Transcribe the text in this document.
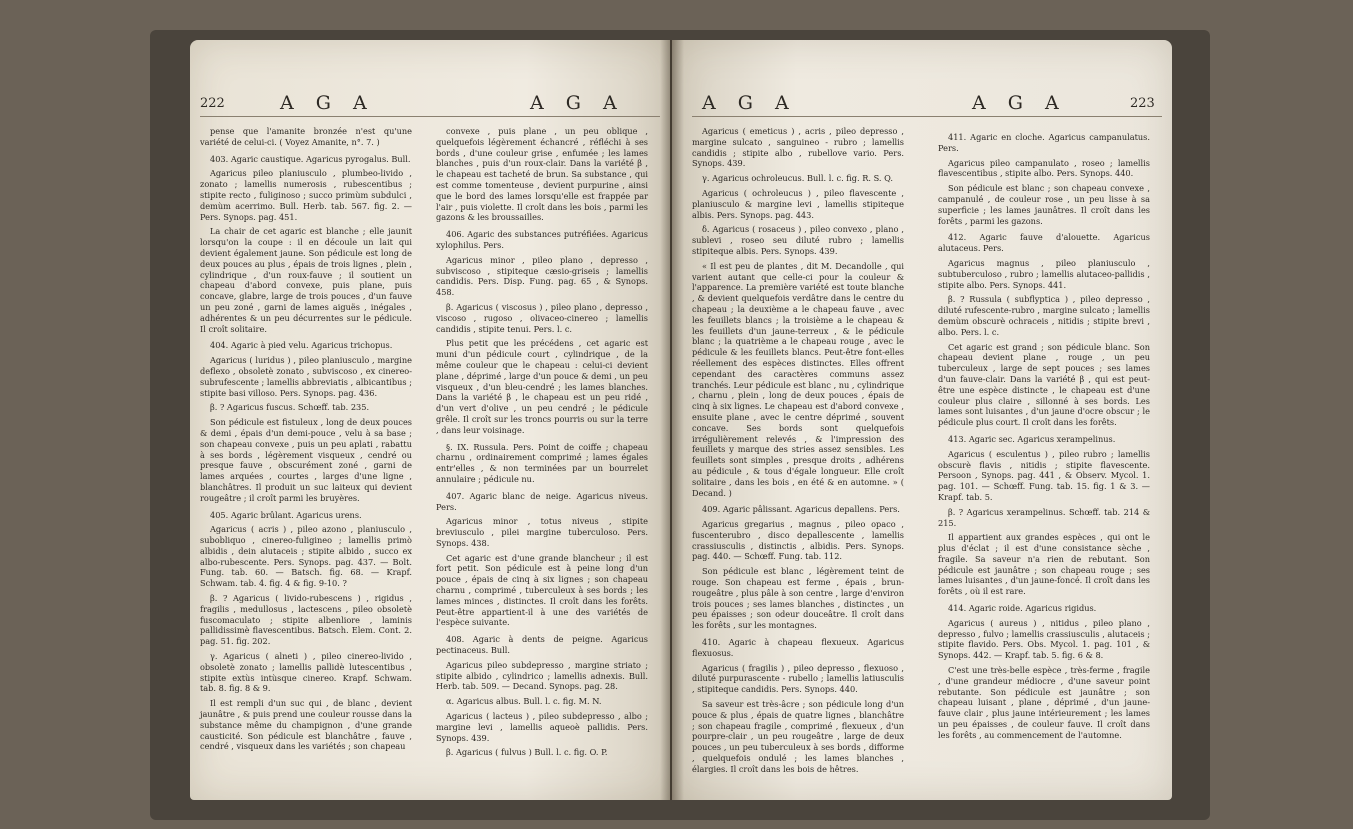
222	A G A	A G A

pense que l'amanite bronzée n'est qu'une variété de celui-ci. ( Voyez Amanite, n°. 7. )

403. Agaric caustique. Agaricus pyrogalus. Bull.

Agaricus pileo planiusculo , plumbeo-livido , zonato ; lamellis numerosis , rubescentibus ; stipite recto , fuliginoso ; succo primùm subdulci , demùm acerrimo. Bull. Herb. tab. 567. fig. 2. — Pers. Synops. pag. 451.

La chair de cet agaric est blanche ; elle jaunit lorsqu'on la coupe : il en découle un lait qui devient également jaune. Son pédicule est long de deux pouces au plus , épais de trois lignes , plein , cylindrique , d'un roux-fauve ; il soutient un chapeau d'abord convexe, puis plane, puis concave, glabre, large de trois pouces , d'un fauve un peu zoné , garni de lames aiguës , inégales , adhérentes & un peu décurrentes sur le pédicule. Il croît solitaire.

404. Agaric à pied velu. Agaricus trichopus.

Agaricus ( luridus ) , pileo planiusculo , margine deflexo , obsoletè zonato , subviscoso , ex cinereo-subrufescente ; lamellis abbreviatis , albicantibus ; stipite basi villoso. Pers. Synops. pag. 436.

β. ? Agaricus fuscus. Schœff. tab. 235.

Son pédicule est fistuleux , long de deux pouces & demi , épais d'un demi-pouce , velu à sa base ; son chapeau convexe , puis un peu aplati , rabattu à ses bords , légèrement visqueux , cendré ou presque fauve , obscurément zoné , garni de lames arquées , courtes , larges d'une ligne , blanchâtres. Il produit un suc laiteux qui devient rougeâtre ; il croît parmi les bruyères.

405. Agaric brûlant. Agaricus urens.

Agaricus ( acris ) , pileo azono , planiusculo , subobliquo , cinereo-fuligineo ; lamellis primò albidis , dein alutaceis ; stipite albido , succo ex albo-rubescente. Pers. Synops. pag. 437. — Bolt. Fung. tab. 60. — Batsch. fig. 68. — Krapf. Schwam. tab. 4. fig. 4 & fig. 9-10. ?

β. ? Agaricus ( livido-rubescens ) , rigidus , fragilis , medullosus , lactescens , pileo obsoletè fuscomaculato ; stipite albenliore , laminis pallidissimè flavescentibus. Batsch. Elem. Cont. 2. pag. 51. fig. 202.

γ. Agaricus ( alneti ) , pileo cinereo-livido , obsoletè zonato ; lamellis pallidè lutescentibus , stipite extùs intùsque cinereo. Krapf. Schwam. tab. 8. fig. 8 & 9.

Il est rempli d'un suc qui , de blanc , devient jaunâtre , & puis prend une couleur rousse dans la substance même du champignon , d'une grande causticité. Son pédicule est blanchâtre , fauve , cendré , visqueux dans les variétés ; son chapeau

convexe , puis plane , un peu oblique , quelquefois légèrement échancré , réfléchi à ses bords , d'une couleur grise , enfumée ; les lames blanches , puis d'un roux-clair. Dans la variété β , le chapeau est tacheté de brun. Sa substance , qui est comme tomenteuse , devient purpurine , ainsi que le bord des lames lorsqu'elle est frappée par l'air , puis violette. Il croît dans les bois , parmi les gazons & les broussailles.

406. Agaric des substances putréfiées. Agaricus xylophilus. Pers.

Agaricus minor , pileo plano , depresso , subviscoso , stipiteque cæsio-griseis ; lamellis candidis. Pers. Disp. Fung. pag. 65 , & Synops. 458.

β. Agaricus ( viscosus ) , pileo plano , depresso , viscoso , rugoso , olivaceo-cinereo ; lamellis candidis , stipite tenui. Pers. l. c.

Plus petit que les précédens , cet agaric est muni d'un pédicule court , cylindrique , de la même couleur que le chapeau : celui-ci devient plane , déprimé , large d'un pouce & demi , un peu visqueux , d'un bleu-cendré ; les lames blanches. Dans la variété β , le chapeau est un peu ridé , d'un vert d'olive , un peu cendré ; le pédicule grêle. Il croît sur les troncs pourris ou sur la terre , dans leur voisinage.

§. IX. Russula. Pers. Point de coiffe ; chapeau charnu , ordinairement comprimé ; lames égales entr'elles , & non terminées par un bourrelet annulaire ; pédicule nu.

407. Agaric blanc de neige. Agaricus niveus. Pers.

Agaricus minor , totus niveus , stipite breviusculo , pilei margine tuberculoso. Pers. Synops. 438.

Cet agaric est d'une grande blancheur ; il est fort petit. Son pédicule est à peine long d'un pouce , épais de cinq à six lignes ; son chapeau charnu , comprimé , tuberculeux à ses bords ; les lames minces , distinctes. Il croît dans les forêts. Peut-être appartient-il à une des variétés de l'espèce suivante.

408. Agaric à dents de peigne. Agaricus pectinaceus. Bull.

Agaricus pileo subdepresso , margine striato ; stipite albido , cylindrico ; lamellis adnexis. Bull. Herb. tab. 509. — Decand. Synops. pag. 28.

α. Agaricus albus. Bull. l. c. fig. M. N.

Agaricus ( lacteus ) , pileo subdepresso , albo ; margine levi , lamellis aqueoè pallidis. Pers. Synops. 439.

β. Agaricus ( fulvus ) Bull. l. c. fig. O. P.

A G A	A G A	223

Agaricus ( emeticus ) , acris , pileo depresso , margine sulcato , sanguineo - rubro ; lamellis candidis ; stipite albo , rubellove vario. Pers. Synops. 439.

γ. Agaricus ochroleucus. Bull. l. c. fig. R. S. Q.

Agaricus ( ochroleucus ) , pileo flavescente , planiusculo & margine levi , lamellis stipiteque albis. Pers. Synops. pag. 443.

δ. Agaricus ( rosaceus ) , pileo convexo , plano , sublevi , roseo seu diluté rubro ; lamellis stipiteque albis. Pers. Synops. 439.

« Il est peu de plantes , dit M. Decandolle , qui varient autant que celle-ci pour la couleur & l'apparence. La première variété est toute blanche , & devient quelquefois verdâtre dans le centre du chapeau ; la deuxième a le chapeau fauve , avec les feuillets blancs ; la troisième a le chapeau & les feuillets d'un jaune-terreux , & le pédicule blanc ; la quatrième a le chapeau rouge , avec le pédicule & les feuillets blancs. Peut-être font-elles réellement des espèces distinctes. Elles offrent cependant des caractères communs assez tranchés. Leur pédicule est blanc , nu , cylindrique , charnu , plein , long de deux pouces , épais de cinq à six lignes. Le chapeau est d'abord convexe , ensuite plane , avec le centre déprimé , souvent concave. Ses bords sont quelquefois irrégulièrement relevés , & l'impression des feuillets y marque des stries assez sensibles. Les feuillets sont simples , presque droits , adhérens au pédicule , & tous d'égale longueur. Elle croît solitaire , dans les bois , en été & en automne. » ( Decand. )

409. Agaric pâlissant. Agaricus depallens. Pers.

Agaricus gregarius , magnus , pileo opaco , fuscenterubro , disco depallescente , lamellis crassiusculis , distinctis , albidis. Pers. Synops. pag. 440. — Schœff. Fung. tab. 112.

Son pédicule est blanc , légèrement teint de rouge. Son chapeau est ferme , épais , brun-rougeâtre , plus pâle à son centre , large d'environ trois pouces ; ses lames blanches , distinctes , un peu épaisses ; son odeur douceâtre. Il croît dans les forêts , sur les montagnes.

410. Agaric à chapeau flexueux. Agaricus flexuosus.

Agaricus ( fragilis ) , pileo depresso , flexuoso , diluté purpurascente - rubello ; lamellis latiusculis , stipiteque candidis. Pers. Synops. 440.

Sa saveur est très-âcre ; son pédicule long d'un pouce & plus , épais de quatre lignes , blanchâtre ; son chapeau fragile , comprimé , flexueux , d'un pourpre-clair , un peu rougeâtre , large de deux pouces , un peu tuberculeux à ses bords , difforme , quelquefois ondulé ; les lames blanches , élargies. Il croît dans les bois de hêtres.

411. Agaric en cloche. Agaricus campanulatus. Pers.

Agaricus pileo campanulato , roseo ; lamellis flavescentibus , stipite albo. Pers. Synops. 440.

Son pédicule est blanc ; son chapeau convexe , campanulé , de couleur rose , un peu lisse à sa superficie ; les lames jaunâtres. Il croît dans les forêts , parmi les gazons.

412. Agaric fauve d'alouette. Agaricus alutaceus. Pers.

Agaricus magnus , pileo planiusculo , subtuberculoso , rubro ; lamellis alutaceo-pallidis , stipite albo. Pers. Synops. 441.

β. ? Russula ( subflyptica ) , pileo depresso , diluté rufescente-rubro , margine sulcato ; lamellis demùm obscurè ochraceis , nitidis ; stipite brevi , albo. Pers. l. c.

Cet agaric est grand ; son pédicule blanc. Son chapeau devient plane , rouge , un peu tuberculeux , large de sept pouces ; ses lames d'un fauve-clair. Dans la variété β , qui est peut-être une espèce distincte , le chapeau est d'une couleur plus claire , sillonné à ses bords. Les lames sont luisantes , d'un jaune d'ocre obscur ; le pédicule plus court. Il croît dans les forêts.

413. Agaric sec. Agaricus xerampelinus.

Agaricus ( esculentus ) , pileo rubro ; lamellis obscurè flavis , nitidis ; stipite flavescente. Persoon , Synops. pag. 441 , & Observ. Mycol. 1. pag. 101. — Schœff. Fung. tab. 15. fig. 1 & 3. — Krapf. tab. 5.

β. ? Agaricus xerampelinus. Schœff. tab. 214 & 215.

Il appartient aux grandes espèces , qui ont le plus d'éclat ; il est d'une consistance sèche , fragile. Sa saveur n'a rien de rebutant. Son pédicule est jaunâtre ; son chapeau rouge ; ses lames luisantes , d'un jaune-foncé. Il croît dans les forêts , où il est rare.

414. Agaric roide. Agaricus rigidus.

Agaricus ( aureus ) , nitidus , pileo plano , depresso , fulvo ; lamellis crassiusculis , alutaceis ; stipite flavido. Pers. Obs. Mycol. 1. pag. 101 , & Synops. 442. — Krapf. tab. 5. fig. 6 & 8.

C'est une très-belle espèce , très-ferme , fragile , d'une grandeur médiocre , d'une saveur point rebutante. Son pédicule est jaunâtre ; son chapeau luisant , plane , déprimé , d'un jaune-fauve clair , plus jaune intérieurement ; les lames un peu épaisses , de couleur fauve. Il croît dans les forêts , au commencement de l'automne.
